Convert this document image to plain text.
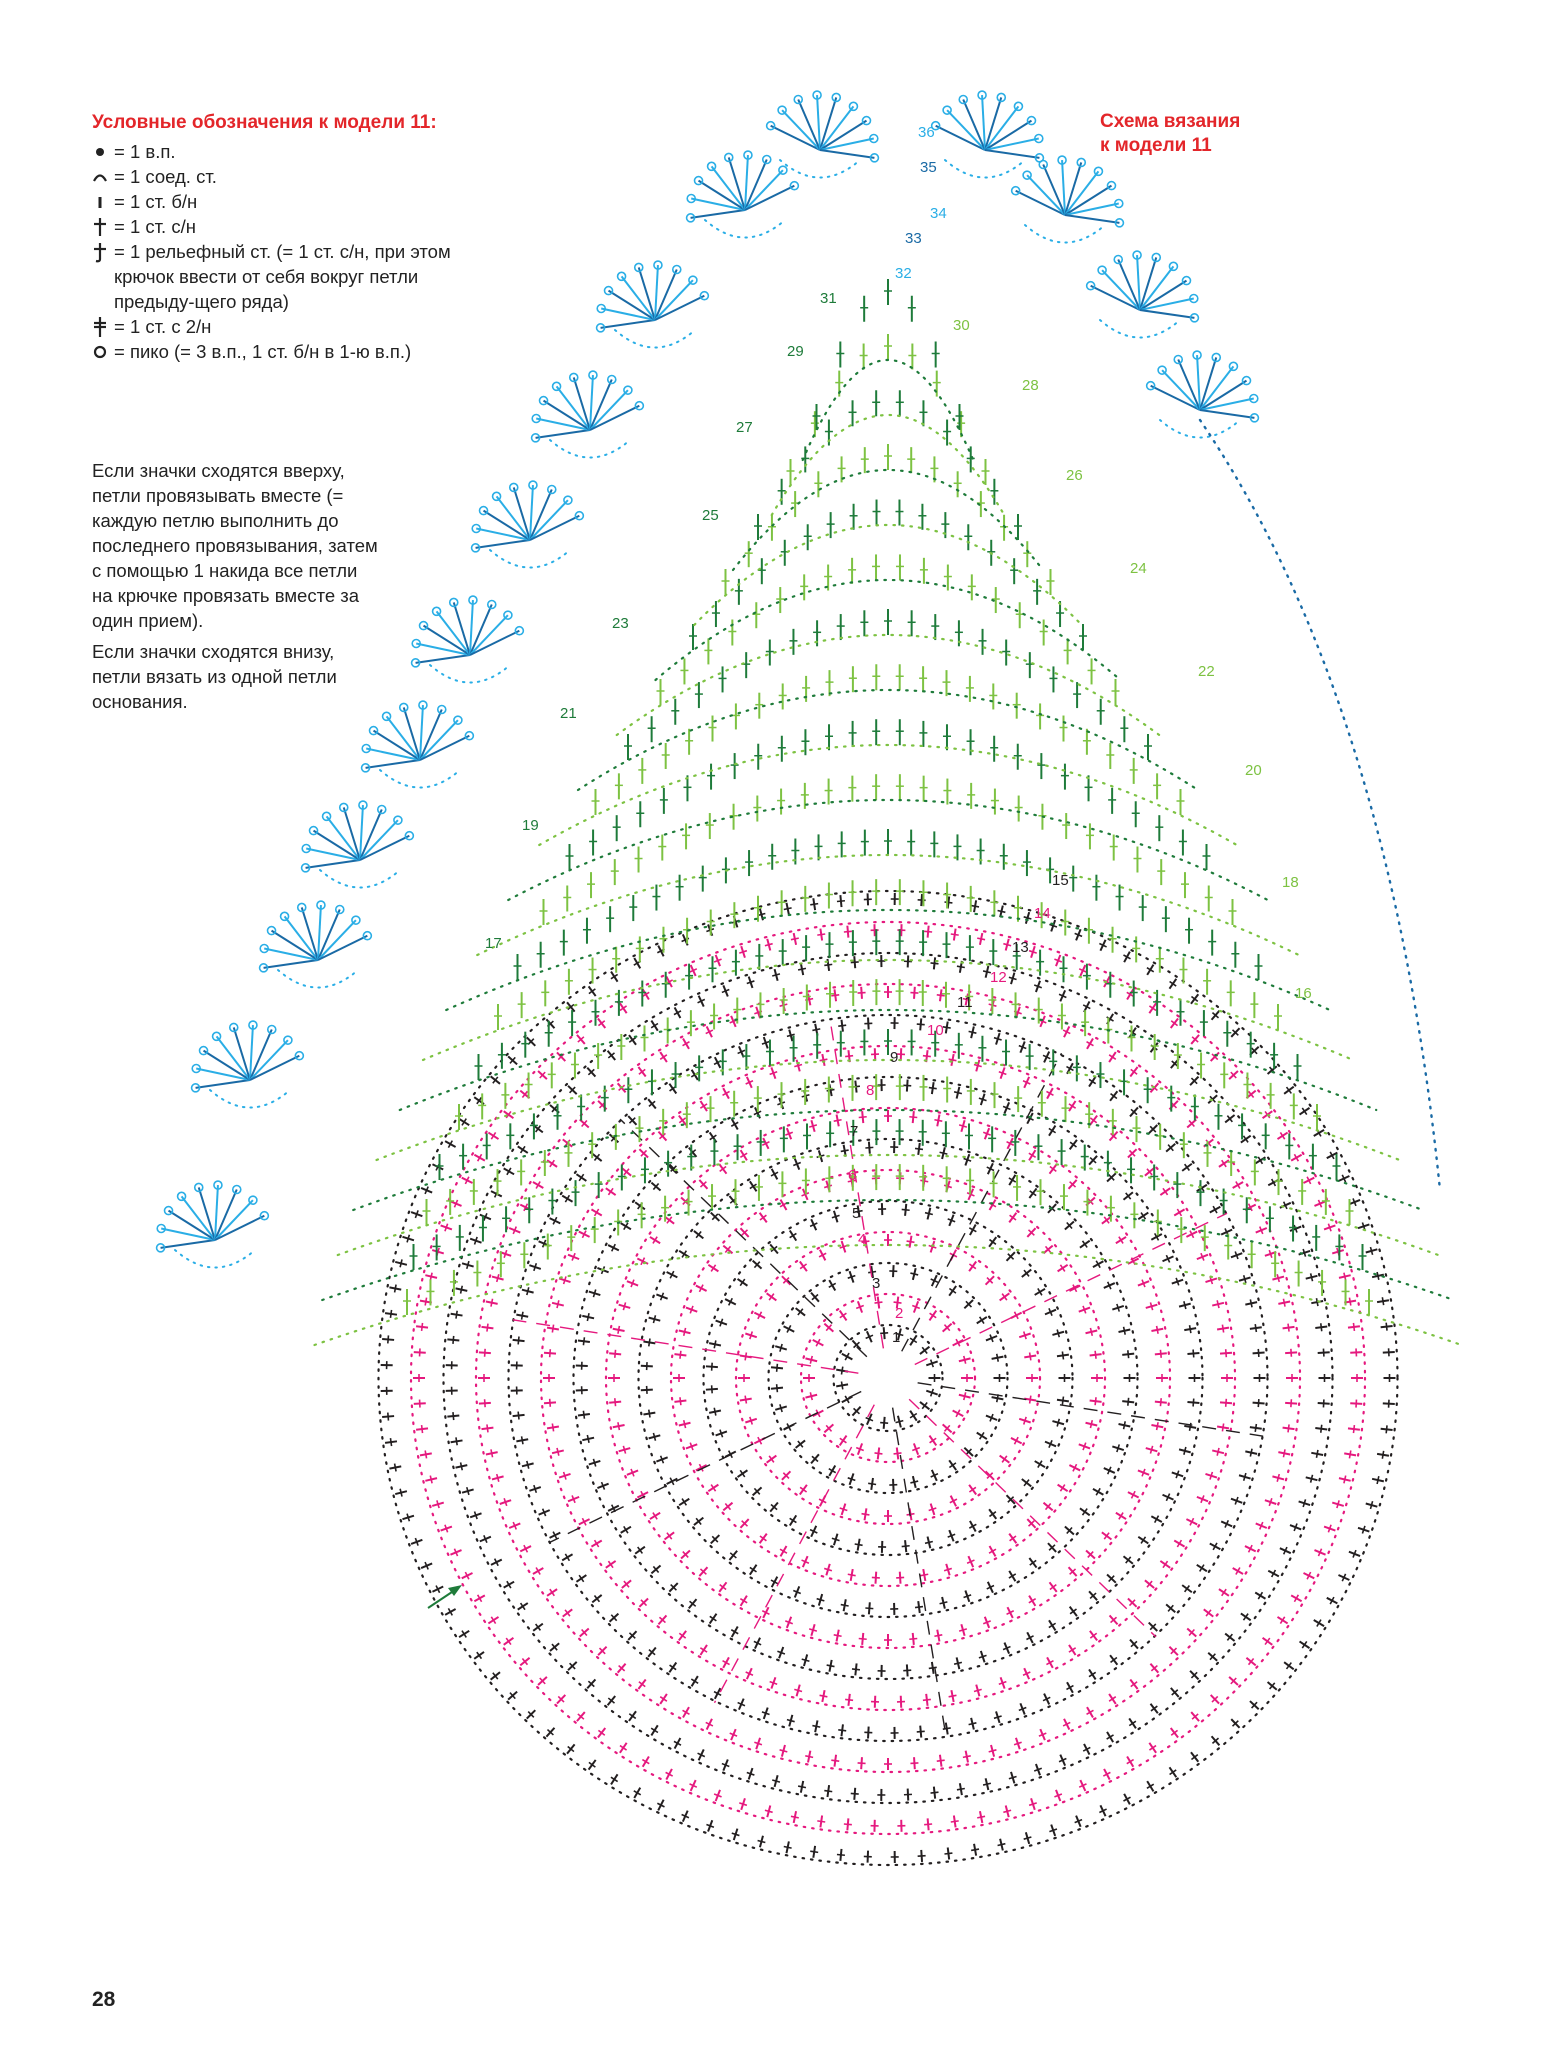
1
2
3
4
5
6
7
8
9
10
11
12
13
14
15
16
17
18
19
20
21
22
23
24
25
26
27
28
29
30
31
32
33
34
35
36
Условные обозначения к модели 11:
= 1 в.п.
= 1 соед. ст.
= 1 ст. б/н
= 1 ст. с/н
= 1 рельефный ст. (= 1 ст. с/н, при этом крючок ввести от себя вокруг петли предыду-щего ряда)
= 1 ст. с 2/н
= пико (= 3 в.п., 1 ст. б/н в 1-ю в.п.)

Если значки сходятся вверху, петли провязывать вместе (= каждую петлю выполнить до последнего провязывания, затем с помощью 1 накида все петли на крючке провязать вместе за один прием).

Если значки сходятся внизу, петли вязать из одной петли основания.

Схема вязания
к модели 11
28
